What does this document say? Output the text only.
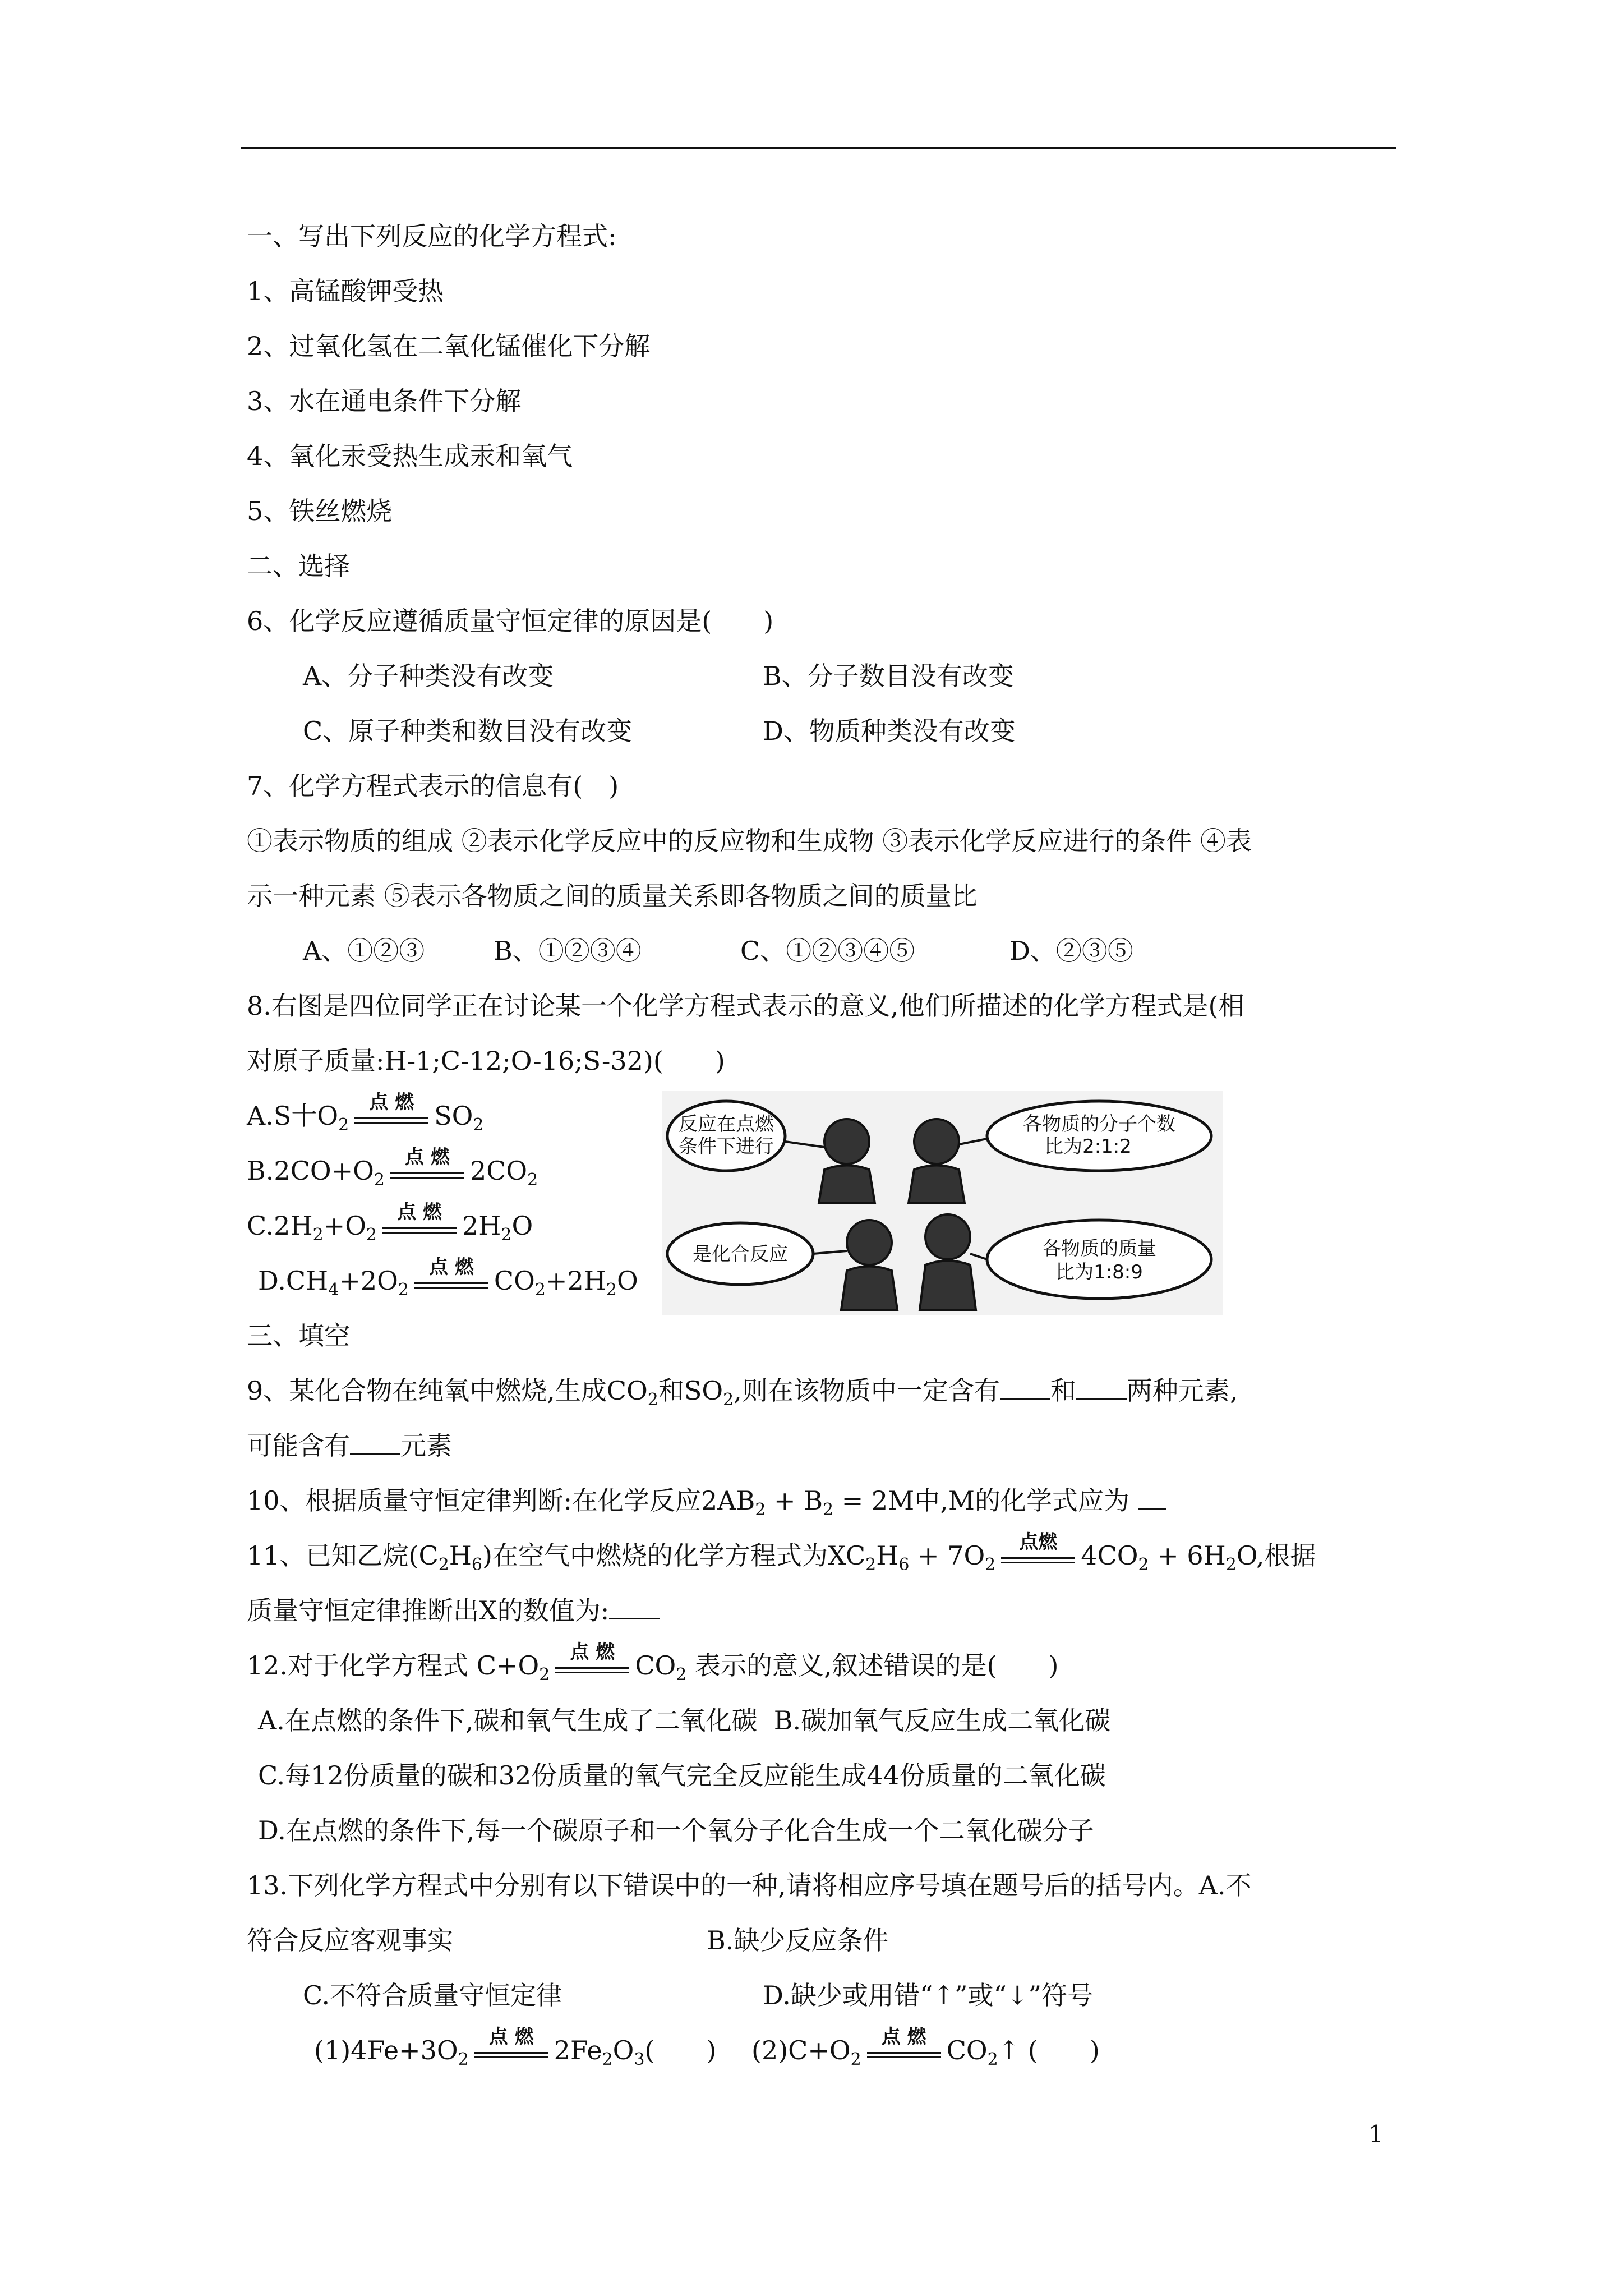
一、写出下列反应的化学方程式:
1、高锰酸钾受热
2、过氧化氢在二氧化锰催化下分解
3、水在通电条件下分解
4、氧化汞受热生成汞和氧气
5、铁丝燃烧
二、选择
6、化学反应遵循质量守恒定律的原因是(　　)
A、分子种类没有改变	B、分子数目没有改变
C、原子种类和数目没有改变	D、物质种类没有改变
7、化学方程式表示的信息有(　)
①表示物质的组成 ②表示化学反应中的反应物和生成物 ③表示化学反应进行的条件 ④表
示一种元素 ⑤表示各物质之间的质量关系即各物质之间的质量比
A、①②③	B、①②③④	C、①②③④⑤	D、②③⑤
8.右图是四位同学正在讨论某一个化学方程式表示的意义,他们所描述的化学方程式是(相
对原子质量:H-1;C-12;O-16;S-32)(　　)
A.S十$O_2$
点 燃 $SO_2$
$B.2CO+O_2$
点 燃 $2CO_2$
$C.2H_2+O_2$
点 燃 $2H_2O$
$D.CH_4+2O_2$
点 燃 $CO_2+2H_2O$
三、填空
9、某化合物在纯氧中燃烧,生成$CO_2$和$SO_2$,则在该物质中一定含有 和 两种元素,
可能含有 元素
10、根据质量守恒定律判断:在化学反应$2AB_2 + B_2 = 2M$中,M的化学式应为
11、已知乙烷$(C_2H_6)$在空气中燃烧的化学方程式为$XC_2H_6 + 7O_2$
点燃 $4CO_2 + 6H_2O$,根据
质量守恒定律推断出X的数值为:
12.对于化学方程式 $C+O_2$
点 燃 $CO_2$ 表示的意义,叙述错误的是(　　)
A.在点燃的条件下,碳和氧气生成了二氧化碳 B.碳加氧气反应生成二氧化碳
C.每12份质量的碳和32份质量的氧气完全反应能生成44份质量的二氧化碳
D.在点燃的条件下,每一个碳原子和一个氧分子化合生成一个二氧化碳分子
13.下列化学方程式中分别有以下错误中的一种,请将相应序号填在题号后的括号内。A.不
符合反应客观事实	B.缺少反应条件
C.不符合质量守恒定律	D.缺少或用错“↑”或“↓”符号
$(1)4Fe+3O_2$
点 燃 $2Fe_2O_3$(　　) $(2)C+O_2$
点 燃 $CO_2↑$ (　　)
反应在点燃
条件下进行
各物质的分子个数
比为2:1:2
是化合反应	各物质的质量
比为1:8:9
1
